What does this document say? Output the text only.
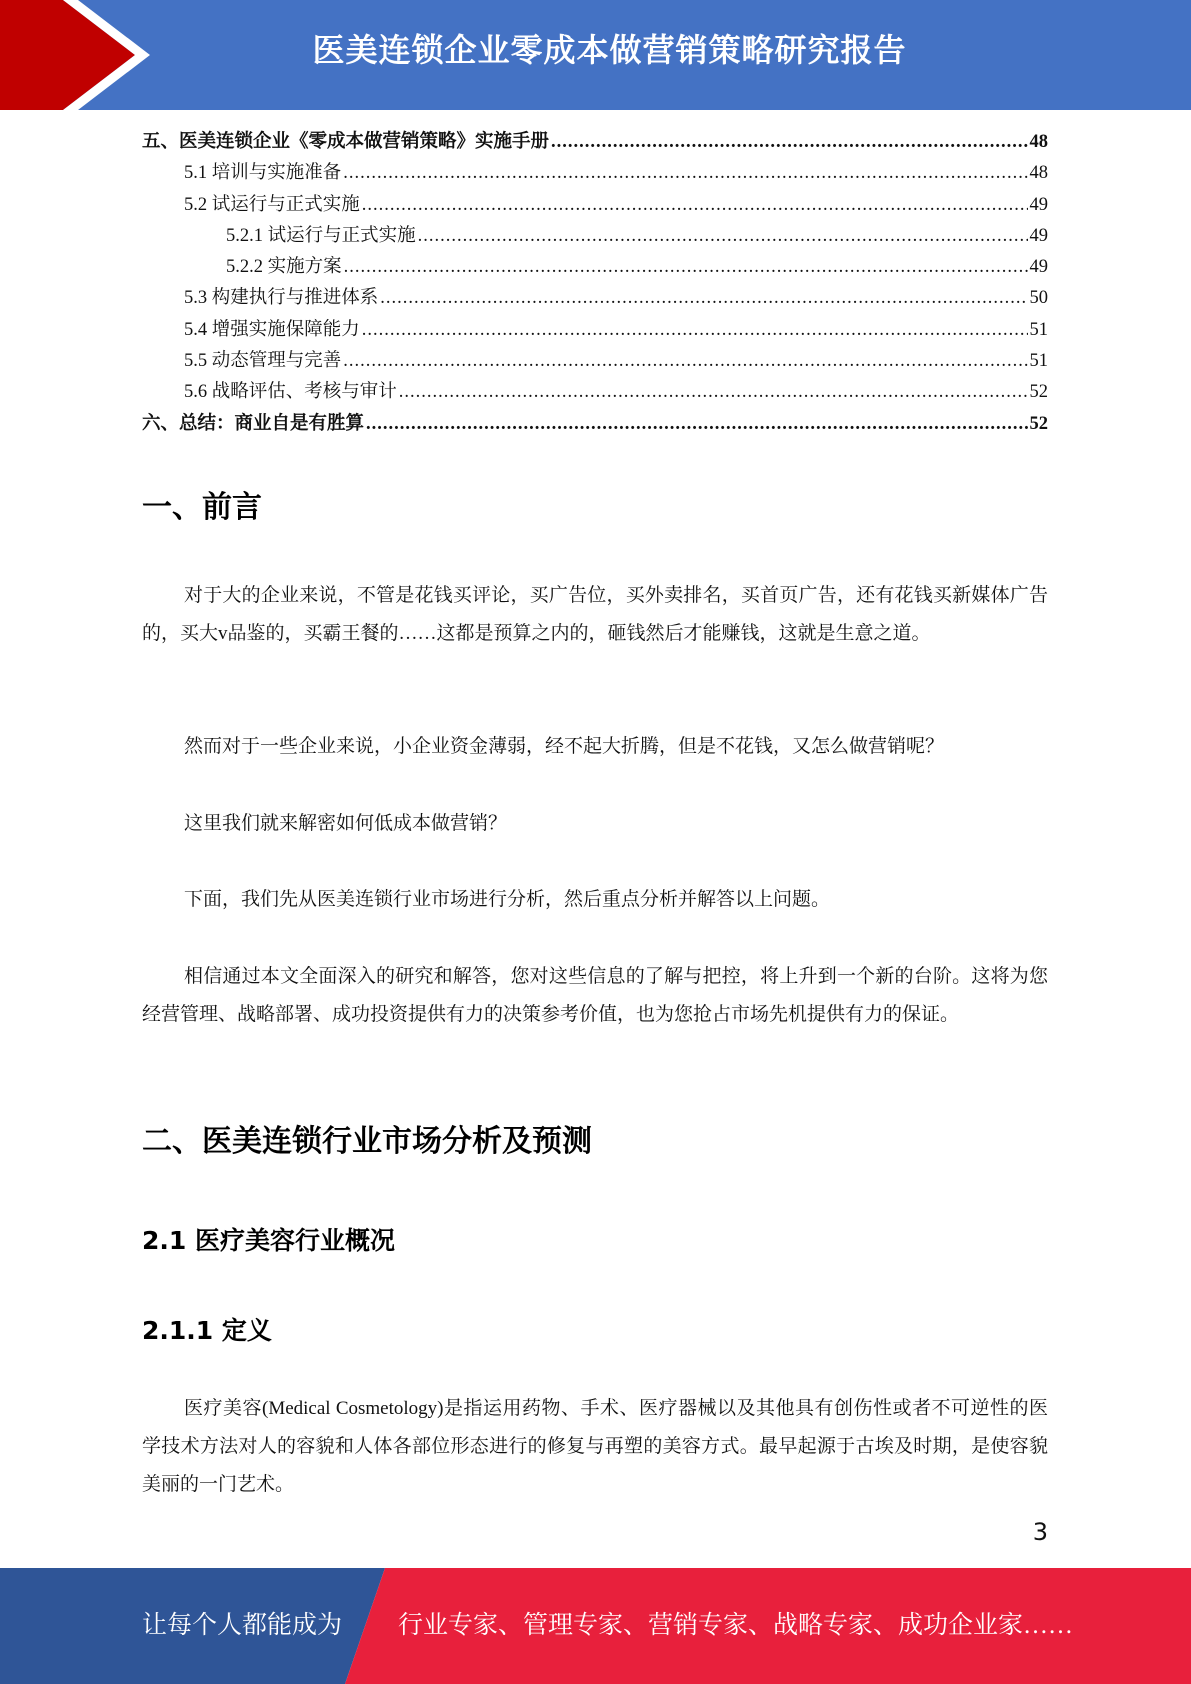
医美连锁企业零成本做营销策略研究报告
五、医美连锁企业《零成本做营销策略》实施手册 .....	48
5.1 培训与实施准备 .....	48
5.2 试运行与正式实施 .....	49
5.2.1 试运行与正式实施 .....	49
5.2.2 实施方案 .....	49
5.3 构建执行与推进体系 .....	50
5.4 增强实施保障能力 .....	51
5.5 动态管理与完善 .....	51
5.6 战略评估、考核与审计 .....	52
六、总结：商业自是有胜算 .....	52
一、前言

对于大的企业来说，不管是花钱买评论，买广告位，买外卖排名，买首页广告，还有花钱买新媒体广告的，买大v品鉴的，买霸王餐的……这都是预算之内的，砸钱然后才能赚钱，这就是生意之道。

然而对于一些企业来说，小企业资金薄弱，经不起大折腾，但是不花钱，又怎么做营销呢？

这里我们就来解密如何低成本做营销？

下面，我们先从医美连锁行业市场进行分析，然后重点分析并解答以上问题。

相信通过本文全面深入的研究和解答，您对这些信息的了解与把控，将上升到一个新的台阶。这将为您经营管理、战略部署、成功投资提供有力的决策参考价值，也为您抢占市场先机提供有力的保证。

二、医美连锁行业市场分析及预测
2.1 医疗美容行业概况
2.1.1 定义

医疗美容(Medical Cosmetology)是指运用药物、手术、医疗器械以及其他具有创伤性或者不可逆性的医学技术方法对人的容貌和人体各部位形态进行的修复与再塑的美容方式。最早起源于古埃及时期，是使容貌美丽的一门艺术。

3
让每个人都能成为 行业专家、管理专家、营销专家、战略专家、成功企业家……
